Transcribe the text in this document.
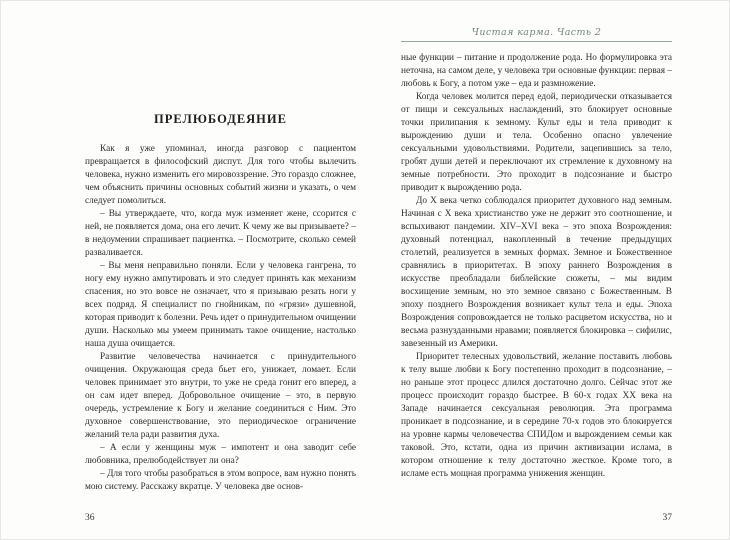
ПРЕЛЮБОДЕЯНИЕ

Как я уже упоминал, иногда разговор с пациентом превращается в философский диспут. Для того чтобы вылечить человека, нужно изменить его мировоззрение. Это гораздо сложнее, чем объяснить причины основных событий жизни и указать, о чем следует помолиться.

– Вы утверждаете, что, когда муж изменяет жене, ссорится с ней, не появляется дома, она его лечит. К чему же вы призываете? – в недоумении спрашивает пациентка. – Посмотрите, сколько семей разваливается.

– Вы меня неправильно поняли. Если у человека гангрена, то ногу ему нужно ампутировать и это следует принять как механизм спасения, но это вовсе не означает, что я призываю резать ноги у всех подряд. Я специалист по гнойникам, по «грязи» душевной, которая приводит к болезни. Речь идет о принудительном очищении души. Насколько мы умеем принимать такое очищение, настолько наша душа очищается.

Развитие человечества начинается с принудительного очищения. Окружающая среда бьет его, унижает, ломает. Если человек принимает это внутри, то уже не среда гонит его вперед, а он сам идет вперед. Добровольное очищение – это, в первую очередь, устремление к Богу и желание соединиться с Ним. Это духовное совершенствование, это периодическое ограничение желаний тела ради развития духа.

– А если у женщины муж – импотент и она заводит себе любовника, прелюбодействует ли она?

– Для того чтобы разобраться в этом вопросе, вам нужно понять мою систему. Расскажу вкратце. У человека две основ-

36
Чистая карма. Часть 2

ные функции – питание и продолжение рода. Но формулировка эта неточна, на самом деле, у человека три основные функции: первая – любовь к Богу, а потом уже – еда и размножение.

Когда человек молится перед едой, периодически отказывается от пищи и сексуальных наслаждений, это блокирует основные точки прилипания к земному. Культ еды и тела приводит к вырождению души и тела. Особенно опасно увлечение сексуальными удовольствиями. Родители, зацепившись за тело, гробят души детей и переключают их стремление к духовному на земные потребности. Это проходит в подсознание и быстро приводит к вырождению рода.

До X века четко соблюдался приоритет духовного над земным. Начиная с X века христианство уже не держит это соотношение, и вспыхивают пандемии. XIV–XVI века – это эпоха Возрождения: духовный потенциал, накопленный в течение предыдущих столетий, реализуется в земных формах. Земное и Божественное сравнялись в приоритетах. В эпоху раннего Возрождения в искусстве преобладали библейские сюжеты, – мы видим восхищение земным, но это земное связано с Божественным. В эпоху позднего Возрождения возникает культ тела и еды. Эпоха Возрождения сопровождается не только расцветом искусства, но и весьма разнузданными нравами; появляется блокировка – сифилис, завезенный из Америки.

Приоритет телесных удовольствий, желание поставить любовь к телу выше любви к Богу постепенно проходит в подсознание, – но раньше этот процесс длился достаточно долго. Сейчас этот же процесс происходит гораздо быстрее. В 60-х годах XX века на Западе начинается сексуальная революция. Эта программа проникает в подсознание, и в середине 70-х годов это блокируется на уровне кармы человечества СПИДом и вырождением семьи как таковой. Это, кстати, одна из причин активизации ислама, в котором отношение к телу достаточно жесткое. Кроме того, в исламе есть мощная программа унижения женщин.

37
